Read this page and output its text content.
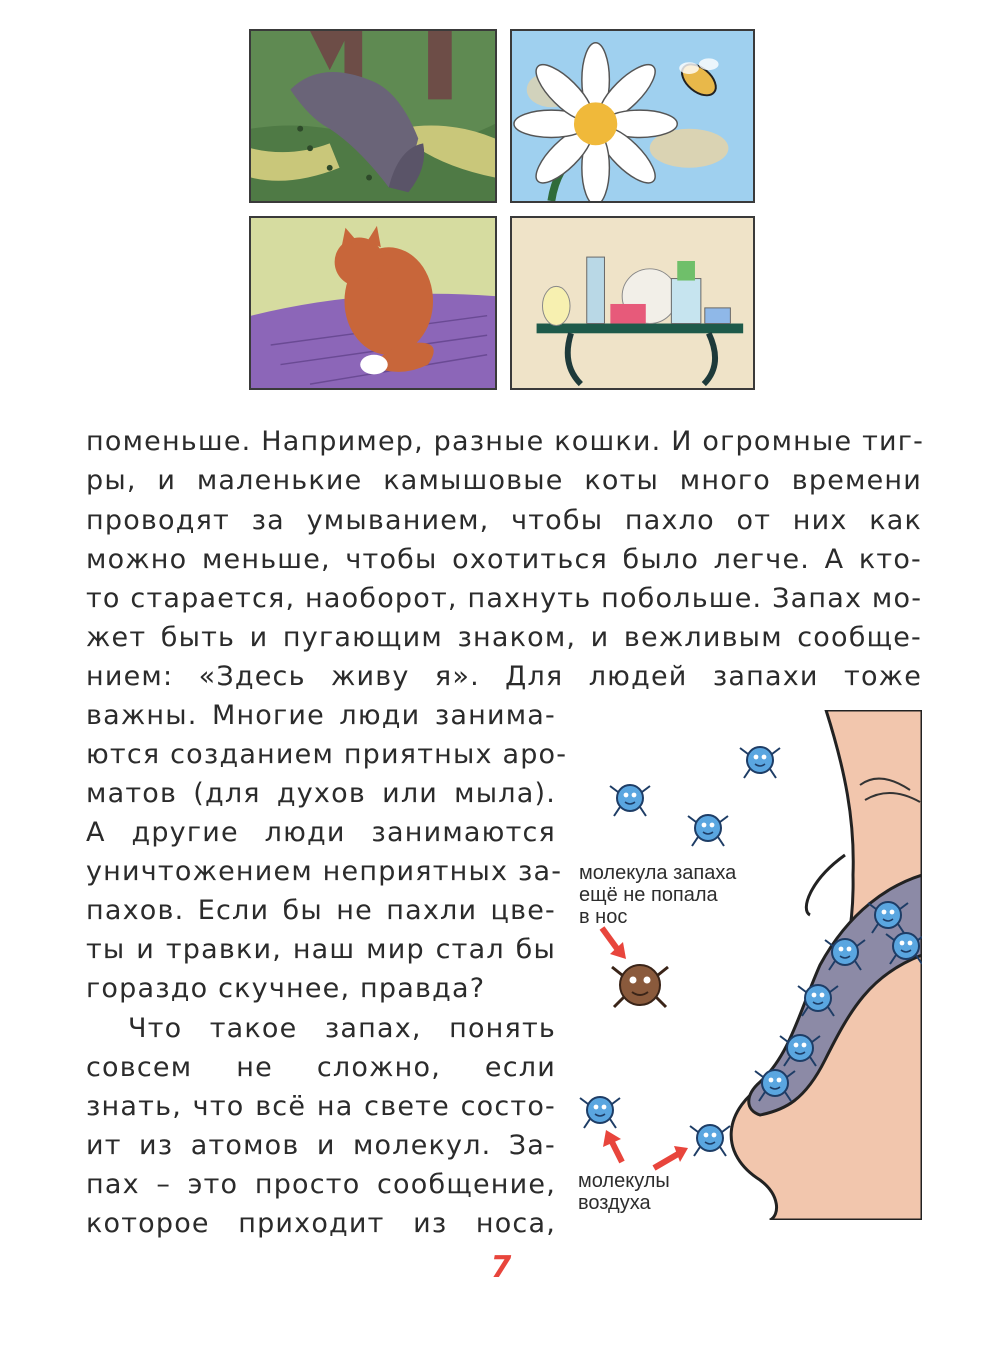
поменьше. Например, разные кошки. И огромные тиг-
ры, и маленькие камышовые коты много времени
проводят за умыванием, чтобы пахло от них как
можно меньше, чтобы охотиться было легче. А кто-
то старается, наоборот, пахнуть побольше. Запах мо-
жет быть и пугающим знаком, и вежливым сообще-
нием: «Здесь живу я». Для людей запахи тоже
важны. Многие люди занима-
ются созданием приятных аро-
матов (для духов или мыла).
А другие люди занимаются
уничтожением неприятных за-
пахов. Если бы не пахли цве-
ты и травки, наш мир стал бы
гораздо скучнее, правда?
Что такое запах, понять
совсем не сложно, если
знать, что всё на свете состо-
ит из атомов и молекул. За-
пах – это просто сообщение,
которое приходит из носа,
молекула запаха
ещё не попала
в нос
молекулы
воздуха
7
